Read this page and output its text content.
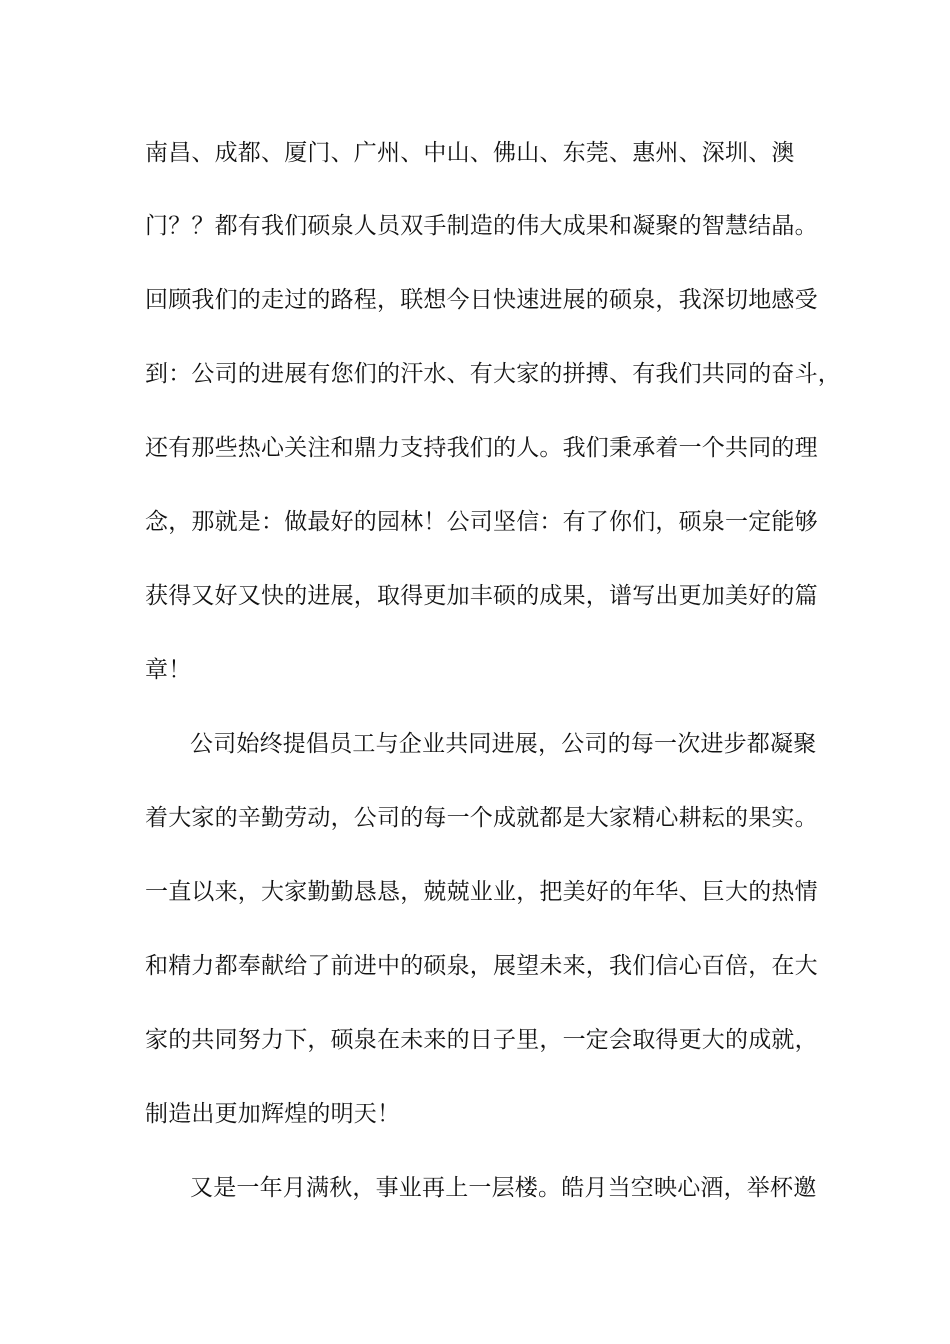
南昌、成都、厦门、广州、中山、佛山、东莞、惠州、深圳、澳
门？？都有我们硕泉人员双手制造的伟大成果和凝聚的智慧结晶。
回顾我们的走过的路程，联想今日快速进展的硕泉，我深切地感受
到：公司的进展有您们的汗水、有大家的拼搏、有我们共同的奋斗，
还有那些热心关注和鼎力支持我们的人。我们秉承着一个共同的理
念，那就是：做最好的园林！公司坚信：有了你们，硕泉一定能够
获得又好又快的进展，取得更加丰硕的成果，谱写出更加美好的篇
章！
公司始终提倡员工与企业共同进展，公司的每一次进步都凝聚
着大家的辛勤劳动，公司的每一个成就都是大家精心耕耘的果实。
一直以来，大家勤勤恳恳，兢兢业业，把美好的年华、巨大的热情
和精力都奉献给了前进中的硕泉，展望未来，我们信心百倍，在大
家的共同努力下，硕泉在未来的日子里，一定会取得更大的成就，
制造出更加辉煌的明天！
又是一年月满秋，事业再上一层楼。皓月当空映心酒，举杯邀
